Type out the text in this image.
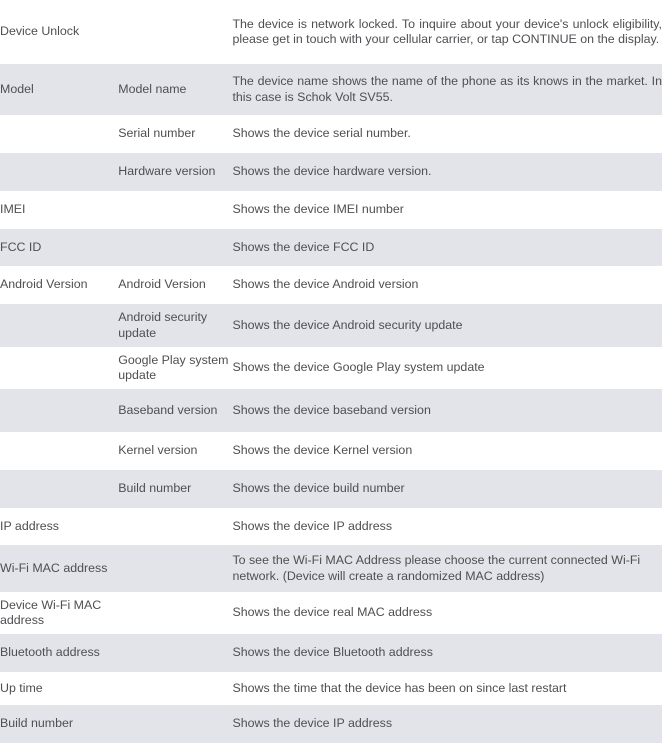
Device Unlock		The device is network locked. To inquire about your device's unlock eligibility, please get in touch with your cellular carrier, or tap CONTINUE on the display.

Model	Model name	The device name shows the name of the phone as its knows in the market. In this case is Schok Volt SV55.

	Serial number	Shows the device serial number.

	Hardware version	Shows the device hardware version.

IMEI		Shows the device IMEI number

FCC ID		Shows the device FCC ID

Android Version	Android Version	Shows the device Android version

	Android security update	Shows the device Android security update

	Google Play system update	Shows the device Google Play system update

	Baseband version	Shows the device baseband version

	Kernel version	Shows the device Kernel version

	Build number	Shows the device build number

IP address		Shows the device IP address

Wi-Fi MAC address		To see the Wi-Fi MAC Address please choose the current connected Wi-Fi network. (Device will create a randomized MAC address)

Device Wi-Fi MAC address		Shows the device real MAC address

Bluetooth address		Shows the device Bluetooth address

Up time		Shows the time that the device has been on since last restart

Build number		Shows the device IP address
